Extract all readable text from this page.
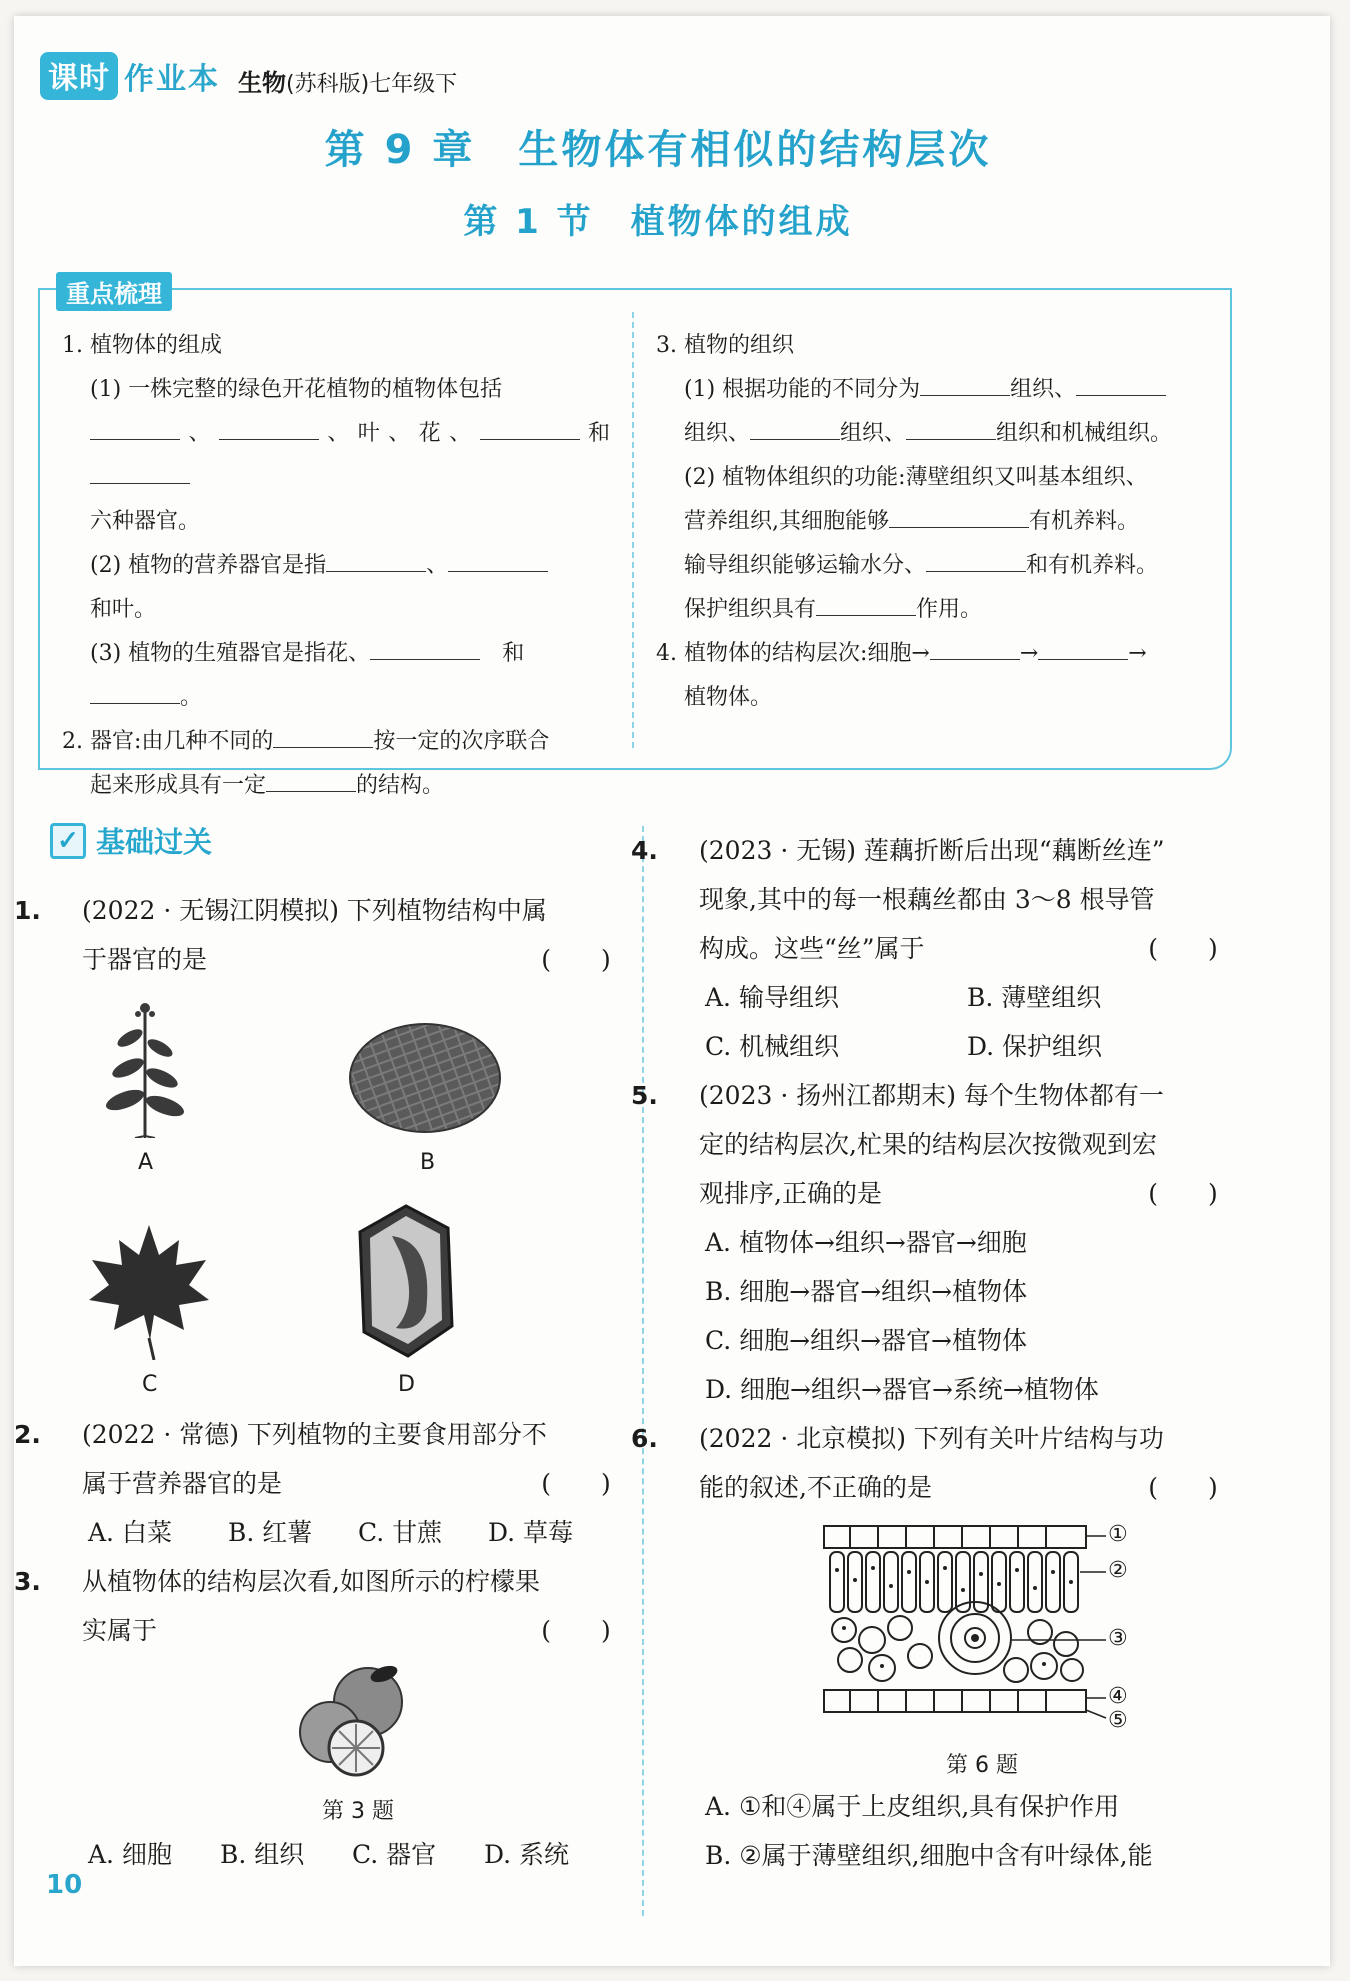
课时 作业本 生物(苏科版)七年级下
第 9 章　生物体有相似的结构层次
第 1 节　植物体的组成
重点梳理

1. 植物体的组成

(1) 一株完整的绿色开花植物的植物体包括

、	、叶、花、	和

六种器官。

(2) 植物的营养器官是指	、

和叶。

(3) 植物的生殖器官是指花、　	和

。

2. 器官:由几种不同的	按一定的次序联合

起来形成具有一定	的结构。

3. 植物的组织

(1) 根据功能的不同分为	组织、

组织、	组织、	组织和机械组织。

(2) 植物体组织的功能:薄壁组织又叫基本组织、

营养组织,其细胞能够	有机养料。

输导组织能够运输水分、	和有机养料。

保护组织具有	作用。

4. 植物体的结构层次:细胞→	→	→

植物体。

✓ 基础过关

1. (2022 · 无锡江阴模拟) 下列植物结构中属

于器官的是	(　　)

A	B
C	D

2. (2022 · 常德) 下列植物的主要食用部分不

属于营养器官的是	(　　)

A. 白菜 B. 红薯 C. 甘蔗 D. 草莓

3. 从植物体的结构层次看,如图所示的柠檬果

实属于	(　　)

第 3 题

A. 细胞 B. 组织 C. 器官 D. 系统

4. (2023 · 无锡) 莲藕折断后出现“藕断丝连”

现象,其中的每一根藕丝都由 3～8 根导管

构成。这些“丝”属于	(　　)

A. 输导组织	B. 薄壁组织

C. 机械组织	D. 保护组织

5. (2023 · 扬州江都期末) 每个生物体都有一

定的结构层次,杧果的结构层次按微观到宏

观排序,正确的是	(　　)

A. 植物体→组织→器官→细胞

B. 细胞→器官→组织→植物体

C. 细胞→组织→器官→植物体

D. 细胞→组织→器官→系统→植物体

6. (2022 · 北京模拟) 下列有关叶片结构与功

能的叙述,不正确的是	(　　)

①
②
③
④
⑤
第 6 题

A. ①和④属于上皮组织,具有保护作用

B. ②属于薄壁组织,细胞中含有叶绿体,能

10
